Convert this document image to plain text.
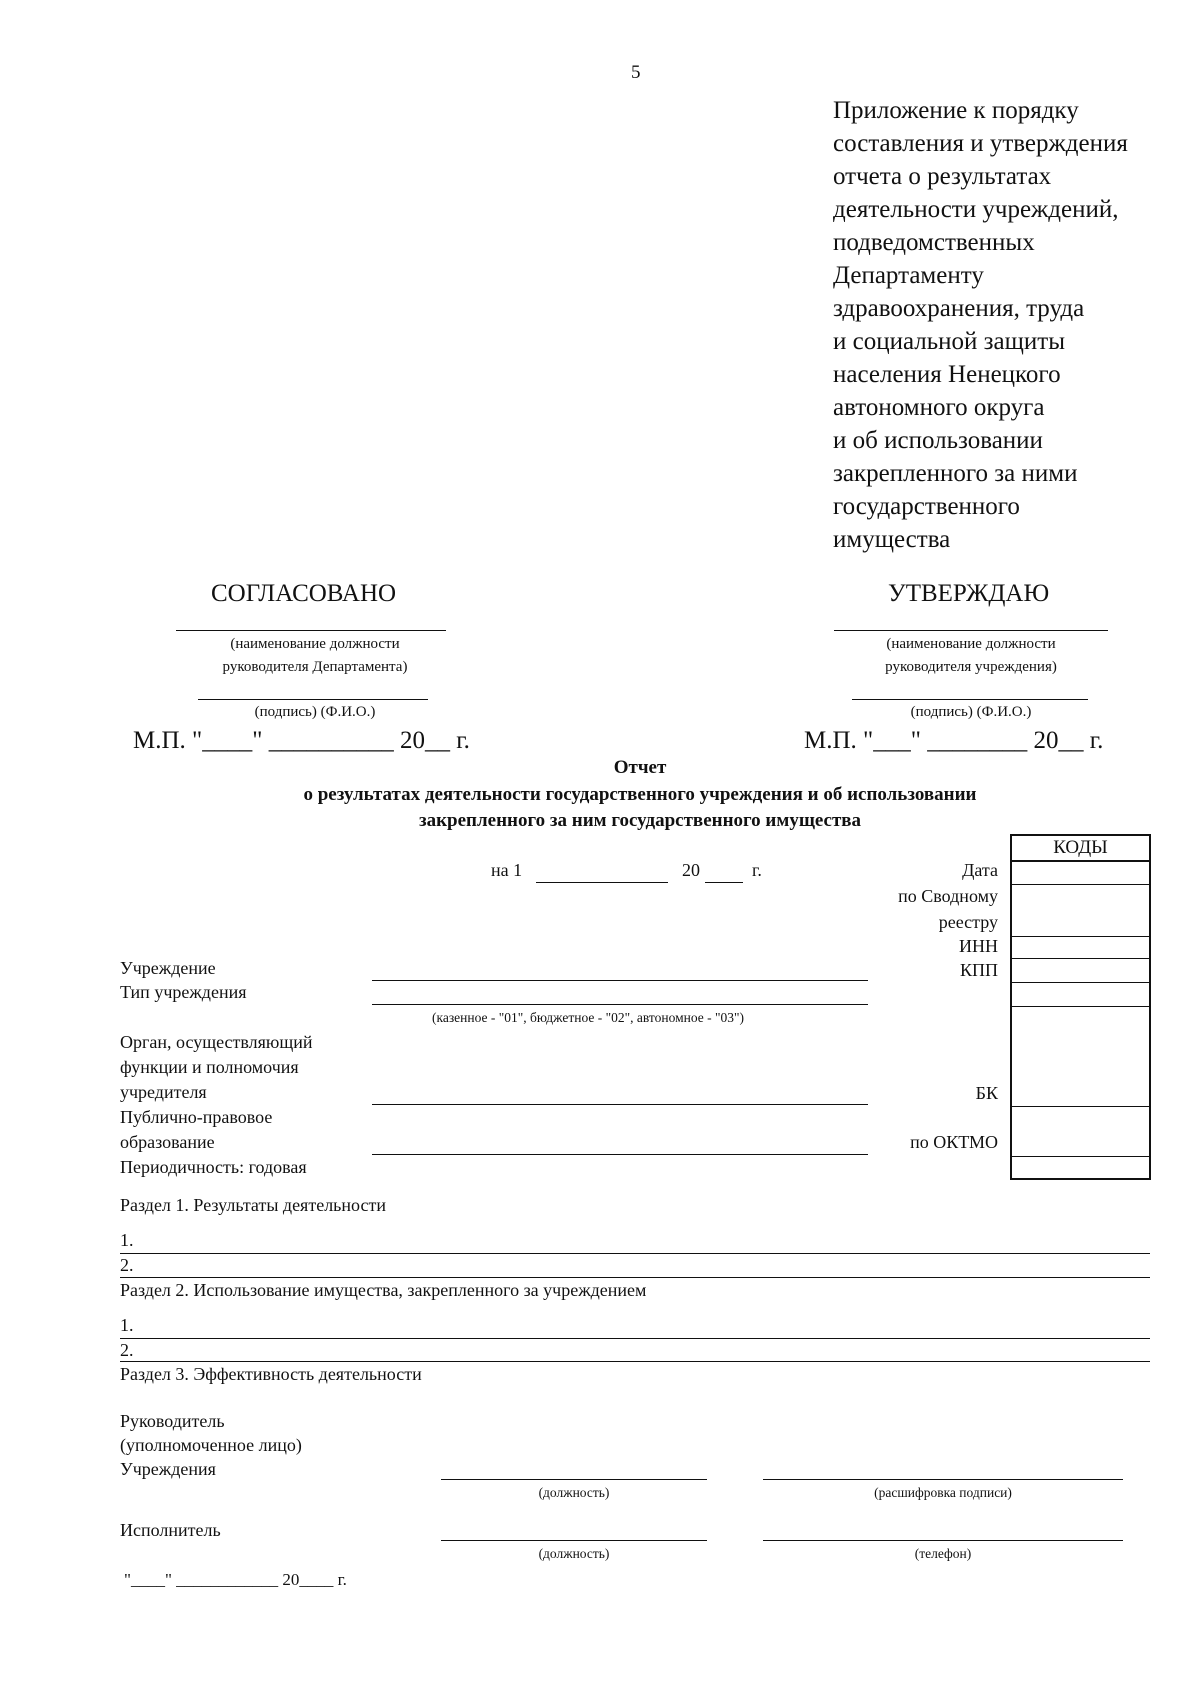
5
Приложение к порядку
составления и утверждения
отчета о результатах
деятельности учреждений,
подведомственных
Департаменту
здравоохранения, труда
и социальной защиты
населения Ненецкого
автономного округа
и об использовании
закрепленного за ними
государственного
имущества
СОГЛАСОВАНО
(наименование должности
руководителя Департамента)
(подпись) (Ф.И.О.)
М.П. "____" __________ 20__ г.
УТВЕРЖДАЮ
(наименование должности
руководителя учреждения)
(подпись) (Ф.И.О.)
М.П. "___" ________ 20__ г.
Отчет
о результатах деятельности государственного учреждения и об использовании
закрепленного за ним государственного имущества
на 1	20	г.	Дата
по Сводному
реестру
ИНН
КПП
БК
по ОКТМО
КОДЫ
Учреждение
Тип учреждения
(казенное - "01", бюджетное - "02", автономное - "03")
Орган, осуществляющий
функции и полномочия
учредителя
Публично-правовое
образование
Периодичность: годовая
Раздел 1. Результаты деятельности
1.
2.
Раздел 2. Использование имущества, закрепленного за учреждением
1.
2.
Раздел 3. Эффективность деятельности
Руководитель
(уполномоченное лицо)
Учреждения
(должность)	(расшифровка подписи)
Исполнитель
(должность)	(телефон)
"____" ____________ 20____ г.
